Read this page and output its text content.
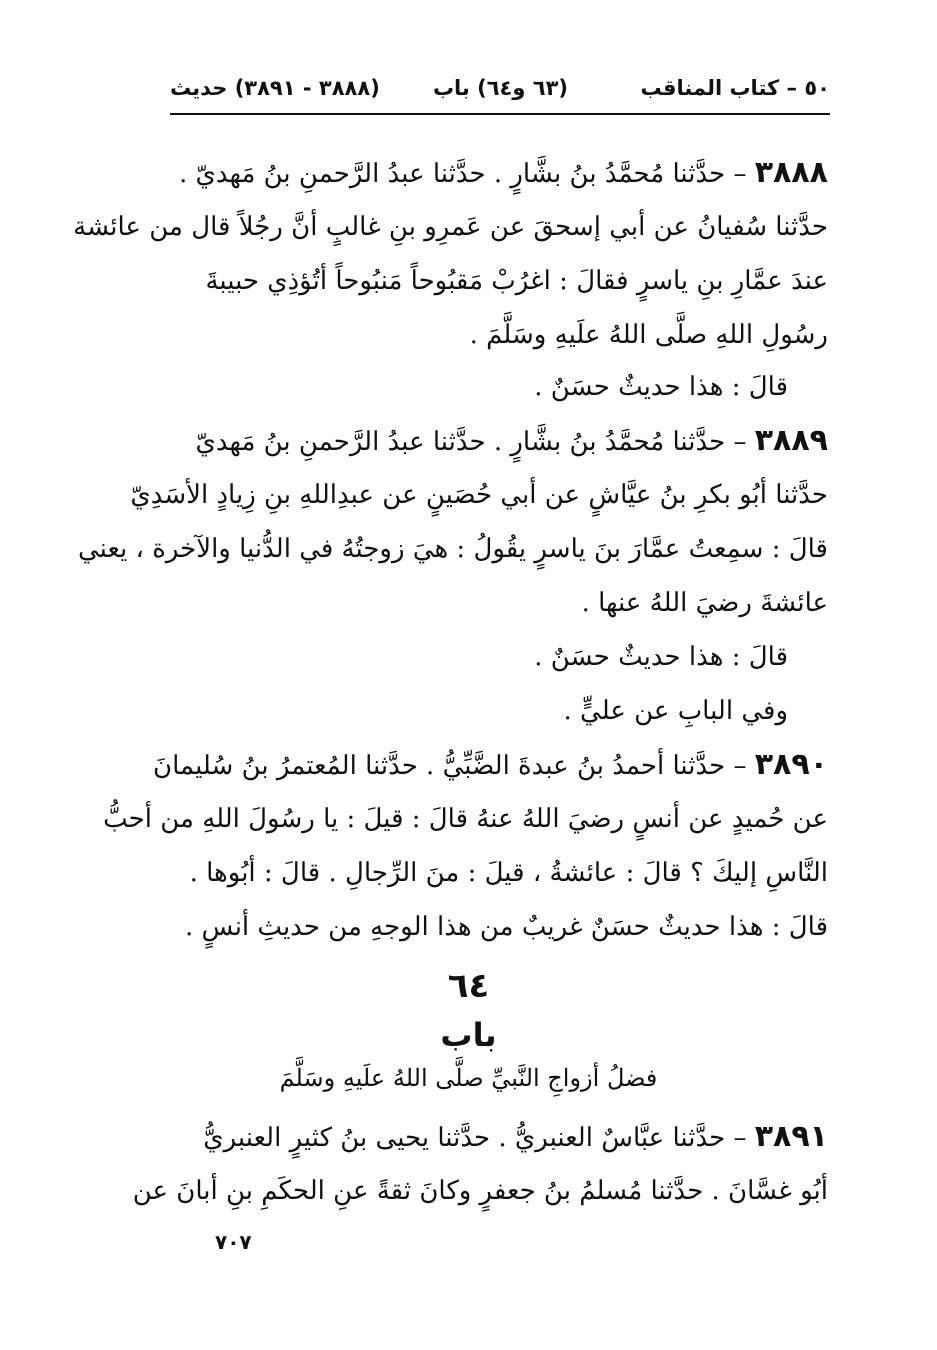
٥٠ – كتاب المناقب
(٦٣ و٦٤) باب
(٣٨٨٨ - ٣٨٩١) حديث
٣٨٨٨ – حدَّثنا مُحمَّدُ بنُ بشَّارٍ . حدَّثنا عبدُ الرَّحمنِ بنُ مَهديّ .
حدَّثنا سُفيانُ عن أبي إسحقَ عن عَمرِو بنِ غالبٍ أنَّ رجُلاً قال من عائشة
عندَ عمَّارِ بنِ ياسرٍ فقالَ : اغرُبْ مَقبُوحاً مَنبُوحاً أتُؤذِي حبيبةَ
رسُولِ اللهِ صلَّى اللهُ علَيهِ وسَلَّمَ .
قالَ : هذا حديثٌ حسَنٌ .
٣٨٨٩ – حدَّثنا مُحمَّدُ بنُ بشَّارٍ . حدَّثنا عبدُ الرَّحمنِ بنُ مَهديّ
حدَّثنا أبُو بكرِ بنُ عيَّاشٍ عن أبي حُصَينٍ عن عبدِاللهِ بنِ زِيادٍ الأسَدِيّ
قالَ : سمِعتُ عمَّارَ بنَ ياسرٍ يقُولُ : هيَ زوجتُهُ في الدُّنيا والآخرة ، يعني
عائشةَ رضيَ اللهُ عنها .
قالَ : هذا حديثٌ حسَنٌ .
وفي البابِ عن عليٍّ .
٣٨٩٠ – حدَّثنا أحمدُ بنُ عبدةَ الضَّبِّيُّ . حدَّثنا المُعتمرُ بنُ سُليمانَ
عن حُميدٍ عن أنسٍ رضيَ اللهُ عنهُ قالَ : قيلَ : يا رسُولَ اللهِ من أحبُّ
النَّاسِ إليكَ ؟ قالَ : عائشةُ ، قيلَ : منَ الرِّجالِ . قالَ : أبُوها .
قالَ : هذا حديثٌ حسَنٌ غريبٌ من هذا الوجهِ من حديثِ أنسٍ .
٦٤
باب
فضلُ أزواجِ النَّبيِّ صلَّى اللهُ علَيهِ وسَلَّمَ
٣٨٩١ – حدَّثنا عبَّاسٌ العنبريُّ . حدَّثنا يحيى بنُ كثيرٍ العنبريُّ
أبُو غسَّانَ . حدَّثنا مُسلمُ بنُ جعفرٍ وكانَ ثقةً عنِ الحكَمِ بنِ أبانَ عن
٧٠٧
